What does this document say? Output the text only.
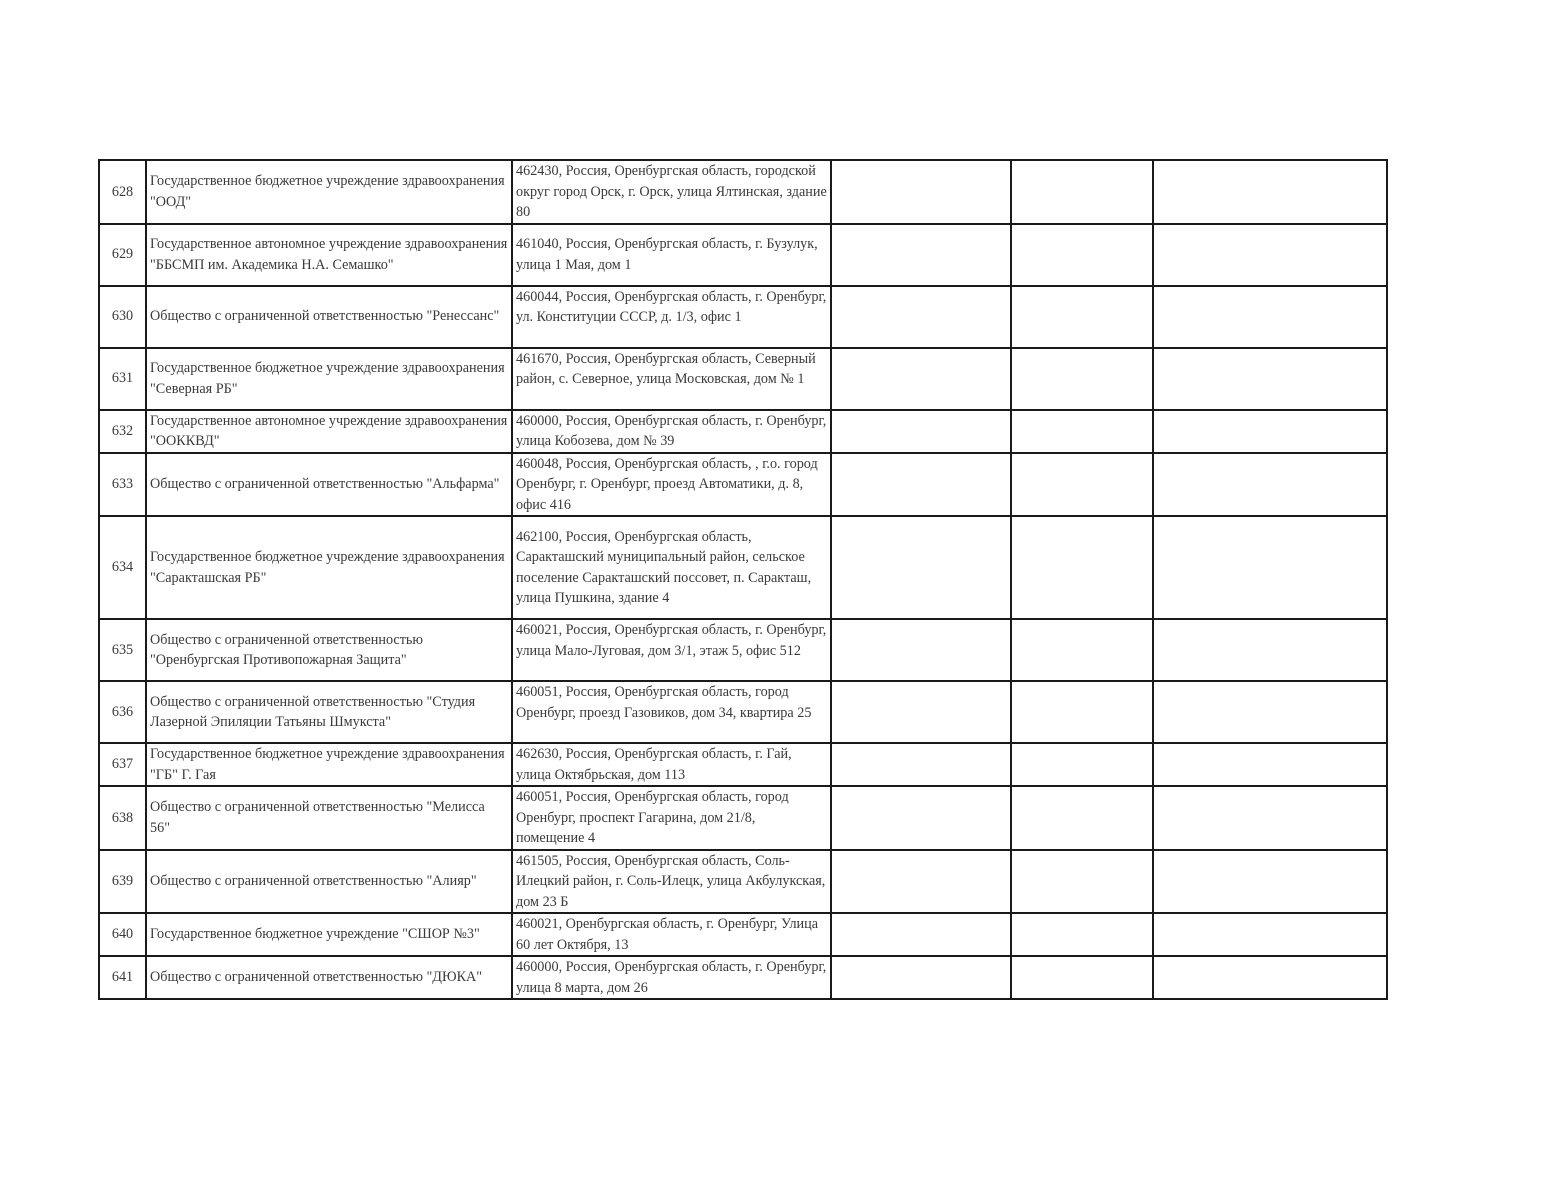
628	Государственное бюджетное учреждение здравоохранения "ООД"	462430, Россия, Оренбургская область, городской округ город Орск, г. Орск, улица Ялтинская, здание 80			
629	Государственное автономное учреждение здравоохранения "ББСМП им. Академика Н.А. Семашко"	461040, Россия, Оренбургская область, г. Бузулук, улица 1 Мая, дом 1			
630	Общество с ограниченной ответственностью "Ренессанс"	460044, Россия, Оренбургская область, г. Оренбург, ул. Конституции СССР, д. 1/3, офис 1			
631	Государственное бюджетное учреждение здравоохранения "Северная РБ"	461670, Россия, Оренбургская область, Северный район, с. Северное, улица Московская, дом № 1			
632	Государственное автономное учреждение здравоохранения "ООККВД"	460000, Россия, Оренбургская область, г. Оренбург, улица Кобозева, дом № 39			
633	Общество с ограниченной ответственностью "Альфарма"	460048, Россия, Оренбургская область, , г.о. город Оренбург, г. Оренбург, проезд Автоматики, д. 8, офис 416			
634	Государственное бюджетное учреждение здравоохранения "Саракташская РБ"	462100, Россия, Оренбургская область, Саракташский муниципальный район, сельское поселение Саракташский поссовет, п. Саракташ, улица Пушкина, здание 4			
635	Общество с ограниченной ответственностью "Оренбургская Противопожарная Защита"	460021, Россия, Оренбургская область, г. Оренбург, улица Мало-Луговая, дом 3/1, этаж 5, офис 512			
636	Общество с ограниченной ответственностью "Студия Лазерной Эпиляции Татьяны Шмукста"	460051, Россия, Оренбургская область, город Оренбург, проезд Газовиков, дом 34, квартира 25			
637	Государственное бюджетное учреждение здравоохранения "ГБ" Г. Гая	462630, Россия, Оренбургская область, г. Гай, улица Октябрьская, дом 113			
638	Общество с ограниченной ответственностью "Мелисса 56"	460051, Россия, Оренбургская область, город Оренбург, проспект Гагарина, дом 21/8, помещение 4			
639	Общество с ограниченной ответственностью "Алияр"	461505, Россия, Оренбургская область, Соль-Илецкий район, г. Соль-Илецк, улица Акбулукская, дом 23 Б			
640	Государственное бюджетное учреждение "СШОР №3"	460021, Оренбургская область, г. Оренбург, Улица 60 лет Октября, 13			
641	Общество с ограниченной ответственностью "ДЮКА"	460000, Россия, Оренбургская область, г. Оренбург, улица 8 марта, дом 26			
